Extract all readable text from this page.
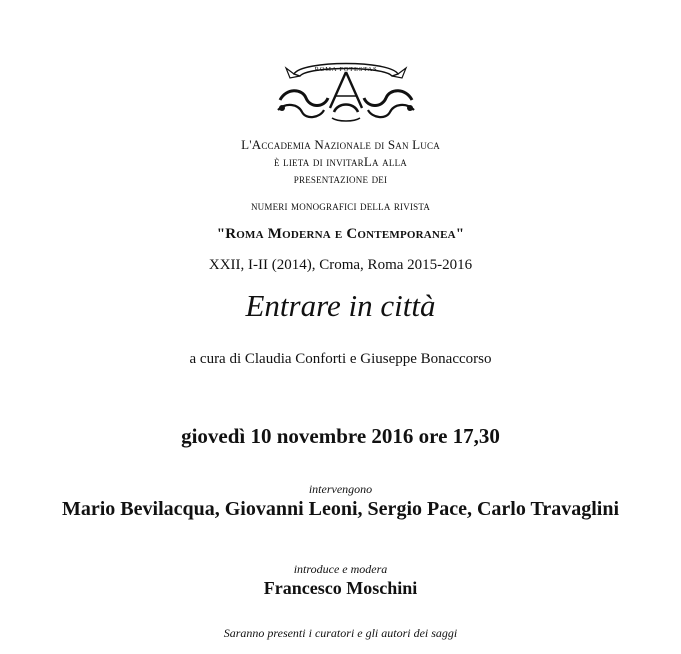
ROMA POTESTAS
L'Accademia Nazionale di San Luca
è lieta di invitarLa alla
presentazione dei
numeri monografici della rivista
"Roma Moderna e Contemporanea"
XXII, I-II (2014), Croma, Roma 2015-2016
Entrare in città
a cura di Claudia Conforti e Giuseppe Bonaccorso
giovedì 10 novembre 2016 ore 17,30
intervengono
Mario Bevilacqua, Giovanni Leoni, Sergio Pace, Carlo Travaglini
introduce e modera
Francesco Moschini
Saranno presenti i curatori e gli autori dei saggi
